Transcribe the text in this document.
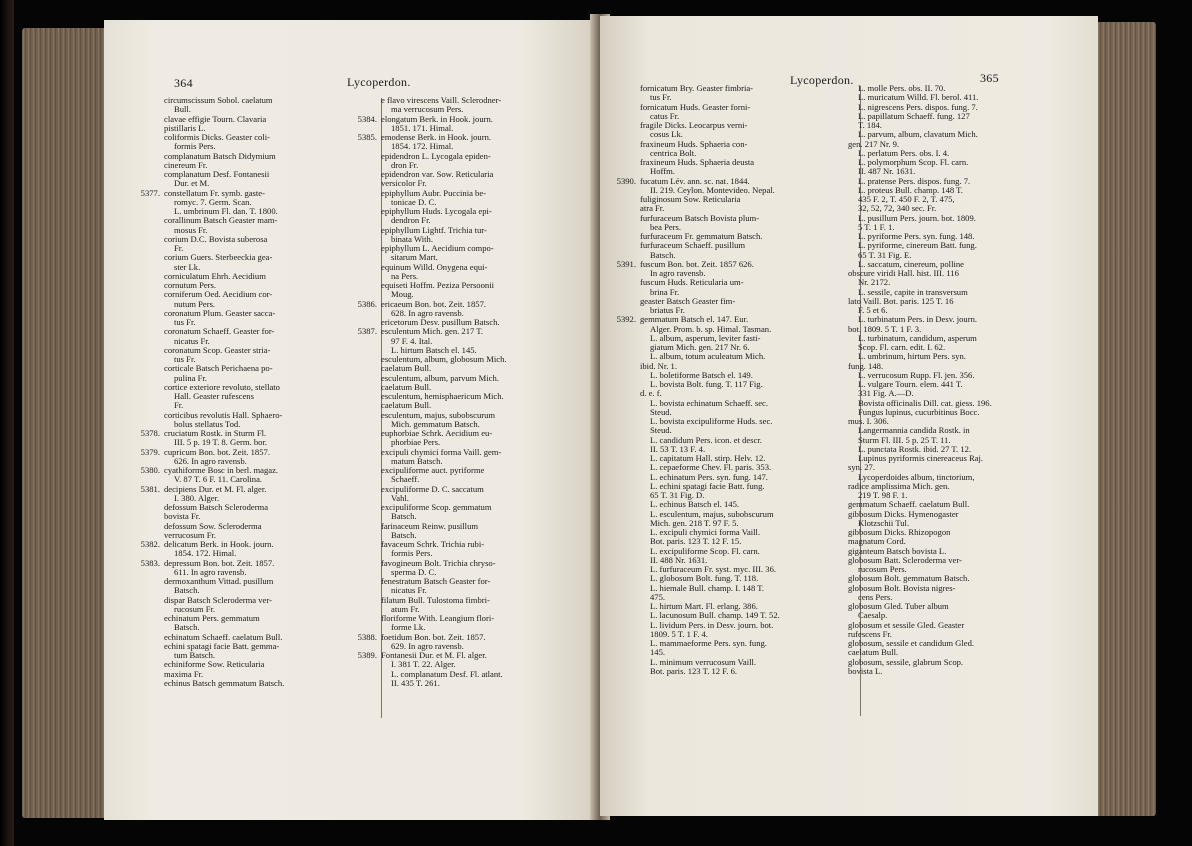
364	Lycoperdon.
circumscissum Sobol. caelatum
Bull.
clavae effigie Tourn. Clavaria
pistillaris L.
coliformis Dicks. Geaster coli-
formis Pers.
complanatum Batsch Didymium
cinereum Fr.
complanatum Desf. Fontanesii
Dur. et M.
5377. constellatum Fr. symb. gaste-
romyc. 7. Germ. Scan.
L. umbrinum Fl. dan. T. 1800.
corallinum Batsch Geaster mam-
mosus Fr.
corium D.C. Bovista suberosa
Fr.
corium Guers. Sterbeeckia gea-
ster Lk.
corniculatum Ehrh. Aecidium
cornutum Pers.
corniferum Oed. Aecidium cor-
nutum Pers.
coronatum Plum. Geaster sacca-
tus Fr.
coronatum Schaeff. Geaster for-
nicatus Fr.
coronatum Scop. Geaster stria-
tus Fr.
corticale Batsch Perichaena po-
pulina Fr.
cortice exteriore revoluto, stellato
Hall. Geaster rufescens
Fr.
corticibus revolutis Hall. Sphaero-
bolus stellatus Tod.
5378. cruciatum Rostk. in Sturm Fl.
III. 5 p. 19 T. 8. Germ. bor.
5379. cupricum Bon. bot. Zeit. 1857.
626. In agro ravensb.
5380. cyathiforme Bosc in berl. magaz.
V. 87 T. 6 F. 11. Carolina.
5381. decipiens Dur. et M. Fl. alger.
I. 380. Alger.
defossum Batsch Scleroderma
bovista Fr.
defossum Sow. Scleroderma
verrucosum Fr.
5382. delicatum Berk. in Hook. journ.
1854. 172. Himal.
5383. depressum Bon. bot. Zeit. 1857.
611. In agro ravensb.
dermoxanthum Vittad. pusillum
Batsch.
dispar Batsch Scleroderma ver-
rucosum Fr.
echinatum Pers. gemmatum
Batsch.
echinatum Schaeff. caelatum Bull.
echini spatagi facie Batt. gemma-
tum Batsch.
echiniforme Sow. Reticularia
maxima Fr.
echinus Batsch gemmatum Batsch.
e flavo virescens Vaill. Sclerodner-
ma verrucosum Pers.
5384. elongatum Berk. in Hook. journ.
1851. 171. Himal.
5385. emodense Berk. in Hook. journ.
1854. 172. Himal.
epidendron L. Lycogala epiden-
dron Fr.
epidendron var. Sow. Reticularia
versicolor Fr.
epiphyllum Aubr. Puccinia be-
tonicae D. C.
epiphyllum Huds. Lycogala epi-
dendron Fr.
epiphyllum Lightf. Trichia tur-
binata With.
epiphyllum L. Aecidium compo-
sitarum Mart.
equinum Willd. Onygena equi-
na Pers.
equiseti Hoffm. Peziza Persoonii
Moug.
5386. ericaeum Bon. bot. Zeit. 1857.
628. In agro ravensb.
ericetorum Desv. pusillum Batsch.
5387. esculentum Mich. gen. 217 T.
97 F. 4. Ital.
L. hirtum Batsch el. 145.
esculentum, album, globosum Mich.
caelatum Bull.
esculentum, album, parvum Mich.
caelatum Bull.
esculentum, hemisphaericum Mich.
caelatum Bull.
esculentum, majus, subobscurum
Mich. gemmatum Batsch.
euphorbiae Schrk. Aecidium eu-
phorbiae Pers.
excipuli chymici forma Vaill. gem-
matum Batsch.
excipuliforme auct. pyriforme
Schaeff.
excipuliforme D. C. saccatum
Vahl.
excipuliforme Scop. gemmatum
Batsch.
farinaceum Reinw. pusillum
Batsch.
favaceum Schrk. Trichia rubi-
formis Pers.
favogineum Bolt. Trichia chryso-
sperma D. C.
fenestratum Batsch Geaster for-
nicatus Fr.
filatum Bull. Tulostoma fimbri-
atum Fr.
floriforme With. Leangium flori-
forme Lk.
5388. foetidum Bon. bot. Zeit. 1857.
629. In agro ravensb.
5389. Fontanesii Dur. et M. Fl. alger.
I. 381 T. 22. Alger.
L. complanatum Desf. Fl. atlant.
II. 435 T. 261.
Lycoperdon.	365
fornicatum Bry. Geaster fimbria-
tus Fr.
fornicatum Huds. Geaster forni-
catus Fr.
fragile Dicks. Leocarpus verni-
cosus Lk.
fraxineum Huds. Sphaeria con-
centrica Bolt.
fraxineum Huds. Sphaeria deusta
Hoffm.
5390. fucatum Lév. ann. sc. nat. 1844.
II. 219. Ceylon. Montevideo. Nepal.
fuliginosum Sow. Reticularia
atra Fr.
furfuraceum Batsch Bovista plum-
bea Pers.
furfuraceum Fr. gemmatum Batsch.
furfuraceum Schaeff. pusillum
Batsch.
5391. fuscum Bon. bot. Zeit. 1857 626.
In agro ravensb.
fuscum Huds. Reticularia um-
brina Fr.
geaster Batsch Geaster fim-
briatus Fr.
5392. gemmatum Batsch el. 147. Eur.
Alger. Prom. b. sp. Himal. Tasman.
L. album, asperum, leviter fasti-
giatum Mich. gen. 217 Nr. 6.
L. album, totum aculeatum Mich.
ibid. Nr. 1.
L. boletiforme Batsch el. 149.
L. bovista Bolt. fung. T. 117 Fig.
d. e. f.
L. bovista echinatum Schaeff. sec.
Steud.
L. bovista excipuliforme Huds. sec.
Steud.
L. candidum Pers. icon. et descr.
II. 53 T. 13 F. 4.
L. capitatum Hall. stirp. Helv. 12.
L. cepaeforme Chev. Fl. paris. 353.
L. echinatum Pers. syn. fung. 147.
L. echini spatagi facie Batt. fung.
65 T. 31 Fig. D.
L. echinus Batsch el. 145.
L. esculentum, majus, subobscurum
Mich. gen. 218 T. 97 F. 5.
L. excipuli chymici forma Vaill.
Bot. paris. 123 T. 12 F. 15.
L. excipuliforme Scop. Fl. carn.
II. 488 Nr. 1631.
L. furfuraceum Fr. syst. myc. III. 36.
L. globosum Bolt. fung. T. 118.
L. hiemale Bull. champ. I. 148 T.
475.
L. hirtum Mart. Fl. erlang. 386.
L. lacunosum Bull. champ. 149 T. 52.
L. lividum Pers. in Desv. journ. bot.
1809. 5 T. 1 F. 4.
L. mammaeforme Pers. syn. fung.
145.
L. minimum verrucosum Vaill.
Bot. paris. 123 T. 12 F. 6.
L. molle Pers. obs. II. 70.
L. muricatum Willd. Fl. berol. 411.
L. nigrescens Pers. dispos. fung. 7.
L. papillatum Schaeff. fung. 127
T. 184.
L. parvum, album, clavatum Mich.
gen. 217 Nr. 9.
L. perlatum Pers. obs. I. 4.
L. polymorphum Scop. Fl. carn.
II. 487 Nr. 1631.
L. pratense Pers. dispos. fung. 7.
L. proteus Bull. champ. 148 T.
435 F. 2, T. 450 F. 2, T. 475,
32, 52, 72, 340 sec. Fr.
L. pusillum Pers. journ. bot. 1809.
5 T. 1 F. 1.
L. pyriforme Pers. syn. fung. 148.
L. pyriforme, cinereum Batt. fung.
65 T. 31 Fig. E.
L. saccatum, cinereum, polline
obscure viridi Hall. hist. III. 116
Nr. 2172.
L. sessile, capite in transversum
lato Vaill. Bot. paris. 125 T. 16
F. 5 et 6.
L. turbinatum Pers. in Desv. journ.
bot. 1809. 5 T. 1 F. 3.
L. turbinatum, candidum, asperum
Scop. Fl. carn. edit. I. 62.
L. umbrinum, hirtum Pers. syn.
fung. 148.
L. verrucosum Rupp. Fl. jen. 356.
L. vulgare Tourn. elem. 441 T.
331 Fig. A.—D.
Bovista officinalis Dill. cat. giess. 196.
Fungus lupinus, cucurbitinus Bocc.
mus. I. 306.
Langermannia candida Rostk. in
Sturm Fl. III. 5 p. 25 T. 11.
L. punctata Rostk. ibid. 27 T. 12.
Lupinus pyriformis cinereaceus Raj.
syn. 27.
Lycoperdoides album, tinctorium,
radice amplissima Mich. gen.
219 T. 98 F. 1.
gemmatum Schaeff. caelatum Bull.
gibbosum Dicks. Hymenogaster
Klotzschii Tul.
gibbosum Dicks. Rhizopogon
magnatum Cord.
giganteum Batsch bovista L.
globosum Batt. Scleroderma ver-
rucosum Pers.
globosum Bolt. gemmatum Batsch.
globosum Bolt. Bovista nigres-
cens Pers.
globosum Gled. Tuber album
Caesalp.
globosum et sessile Gled. Geaster
rufescens Fr.
globosum, sessile et candidum Gled.
caelatum Bull.
globosum, sessile, glabrum Scop.
bovista L.
